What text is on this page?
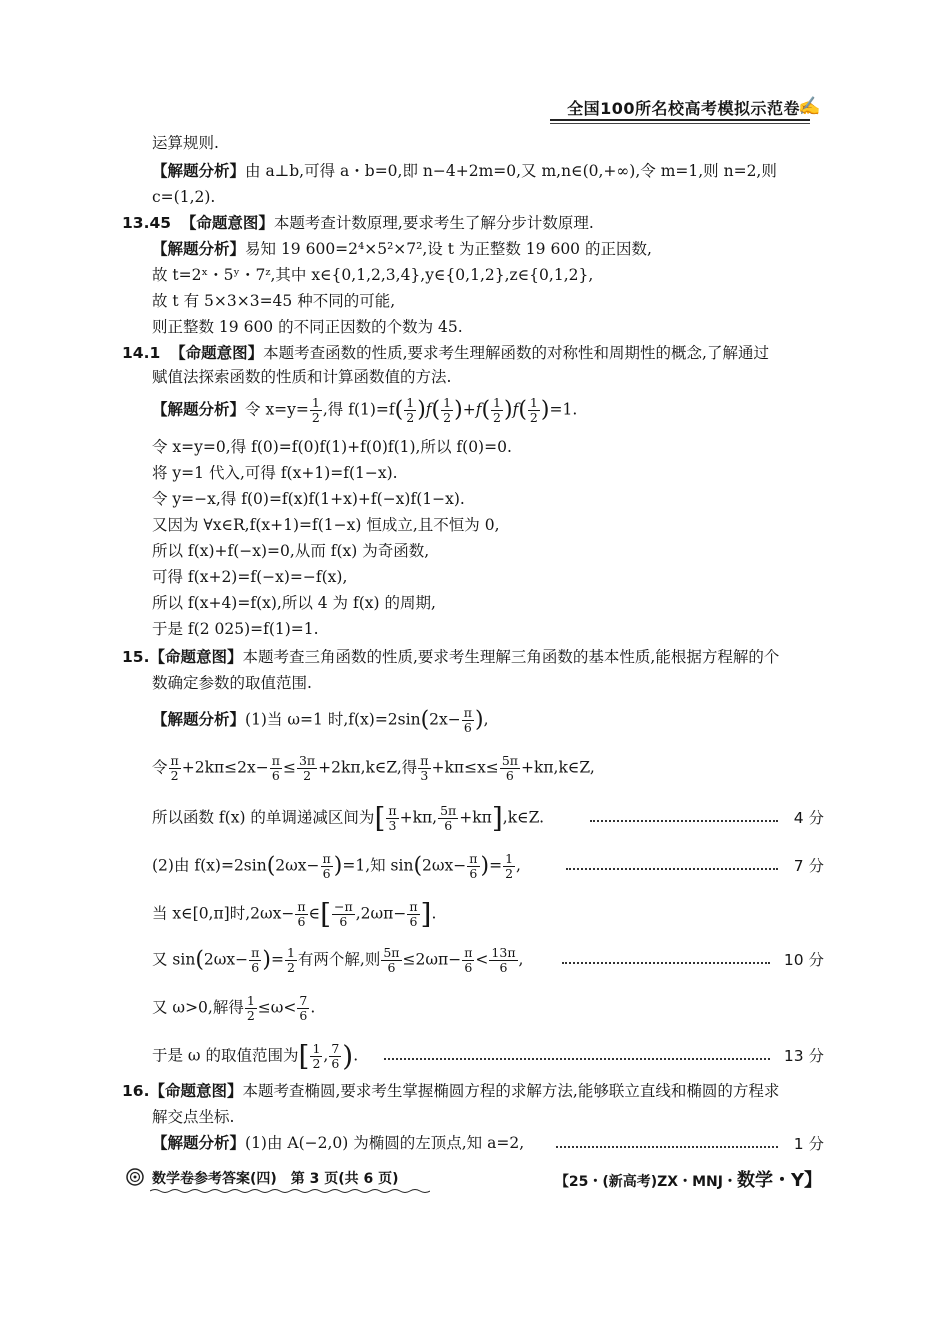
全国100所名校高考模拟示范卷
✍
运算规则.
【解题分析】由 a⊥b,可得 a・b=0,即 n−4+2m=0,又 m,n∈(0,+∞),令 m=1,则 n=2,则
c=(1,2).
13.45 【命题意图】本题考查计数原理,要求考生了解分步计数原理.
【解题分析】易知 19 600=2⁴×5²×7²,设 t 为正整数 19 600 的正因数,
故 t=2ˣ・5ʸ・7ᶻ,其中 x∈{0,1,2,3,4},y∈{0,1,2},z∈{0,1,2},
故 t 有 5×3×3=45 种不同的可能,
则正整数 19 600 的不同正因数的个数为 45.
14.1 【命题意图】本题考查函数的性质,要求考生理解函数的对称性和周期性的概念,了解通过
赋值法探索函数的性质和计算函数值的方法.
【解题分析】令 $x=y= \frac{1}{2}$ ,得 $f(1)=f( \frac{1}{2} )f( \frac{1}{2} )+f( \frac{1}{2} )f( \frac{1}{2} )=1$.
令 x=y=0,得 f(0)=f(0)f(1)+f(0)f(1),所以 f(0)=0.
将 y=1 代入,可得 f(x+1)=f(1−x).
令 y=−x,得 f(0)=f(x)f(1+x)+f(−x)f(1−x).
又因为 ∀x∈R,f(x+1)=f(1−x) 恒成立,且不恒为 0,
所以 f(x)+f(−x)=0,从而 f(x) 为奇函数,
可得 f(x+2)=f(−x)=−f(x),
所以 f(x+4)=f(x),所以 4 为 f(x) 的周期,
于是 f(2 025)=f(1)=1.
15.【命题意图】本题考查三角函数的性质,要求考生理解三角函数的基本性质,能根据方程解的个
数确定参数的取值范围.
【解题分析】(1)当 ω=1 时$,f(x)=2\sin(2x- \frac{\pi}{6}$ ),
令 $\frac{\pi}{2} +2k\pi\le 2x- \frac{\pi}{6} \le \frac{3\pi}{2}$ +2kπ,k∈Z,得 $\frac{\pi}{3} +k\pi\le x\le \frac{5\pi}{6}$ +kπ,k∈Z,
所以函数 f(x) 的单调递减区间为[ $\frac{\pi}{3} +k\pi$, $\frac{5\pi}{6}$ +kπ],k∈Z.	4 分
(2)由 $f(x)=2\sin(2\omega x- \frac{\pi}{6} )=1$,知 $\sin(2\omega x- \frac{\pi}{6}$ )= $\frac{1}{2}$ ,	7 分
当 x∈[0,π]时$,2\omega x- \frac{\pi}{6}$ ∈[ $\frac{-\pi}{6} ,2\omega\pi- \frac{\pi}{6}$ ].
又 $\sin(2\omega x- \frac{\pi}{6}$ )= $\frac{1}{2}$ 有两个解,则 $\frac{5\pi}{6} \le 2\omega\pi- \frac{\pi}{6} < \frac{13\pi}{6}$ ,	10 分
又 ω>0,解得 $\frac{1}{2} \le\omega< \frac{7}{6}$ .
于是 ω 的取值范围为[ $\frac{1}{2}$ , $\frac{7}{6}$ ).	13 分
16.【命题意图】本题考查椭圆,要求考生掌握椭圆方程的求解方法,能够联立直线和椭圆的方程求
解交点坐标.
【解题分析】(1)由 A(−2,0) 为椭圆的左顶点,知 a=2,	1 分
数学卷参考答案(四)　第 3 页(共 6 页)	【25・(新高考)ZX・MNJ・数学・Y】
